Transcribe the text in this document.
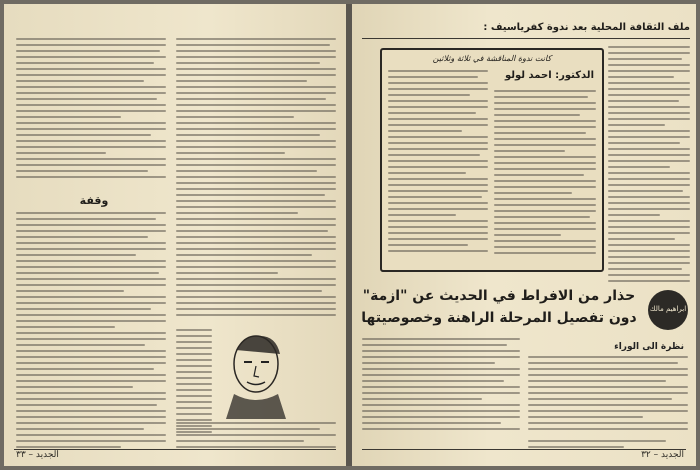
وقفة
الجديد – ٣٣
ملف الثقافة المحلية بعد ندوة كفرياسيف :
كانت ندوة المناقشة في ثلاثة وثلاثين
الدكتور: احمد لولو
حذار من الافراط في الحديث عن "ازمة"
دون تفصيل المرحلة الراهنة وخصوصيتها
ابراهيم مالك
نظرة الى الوراء
الجديد – ٣٢
